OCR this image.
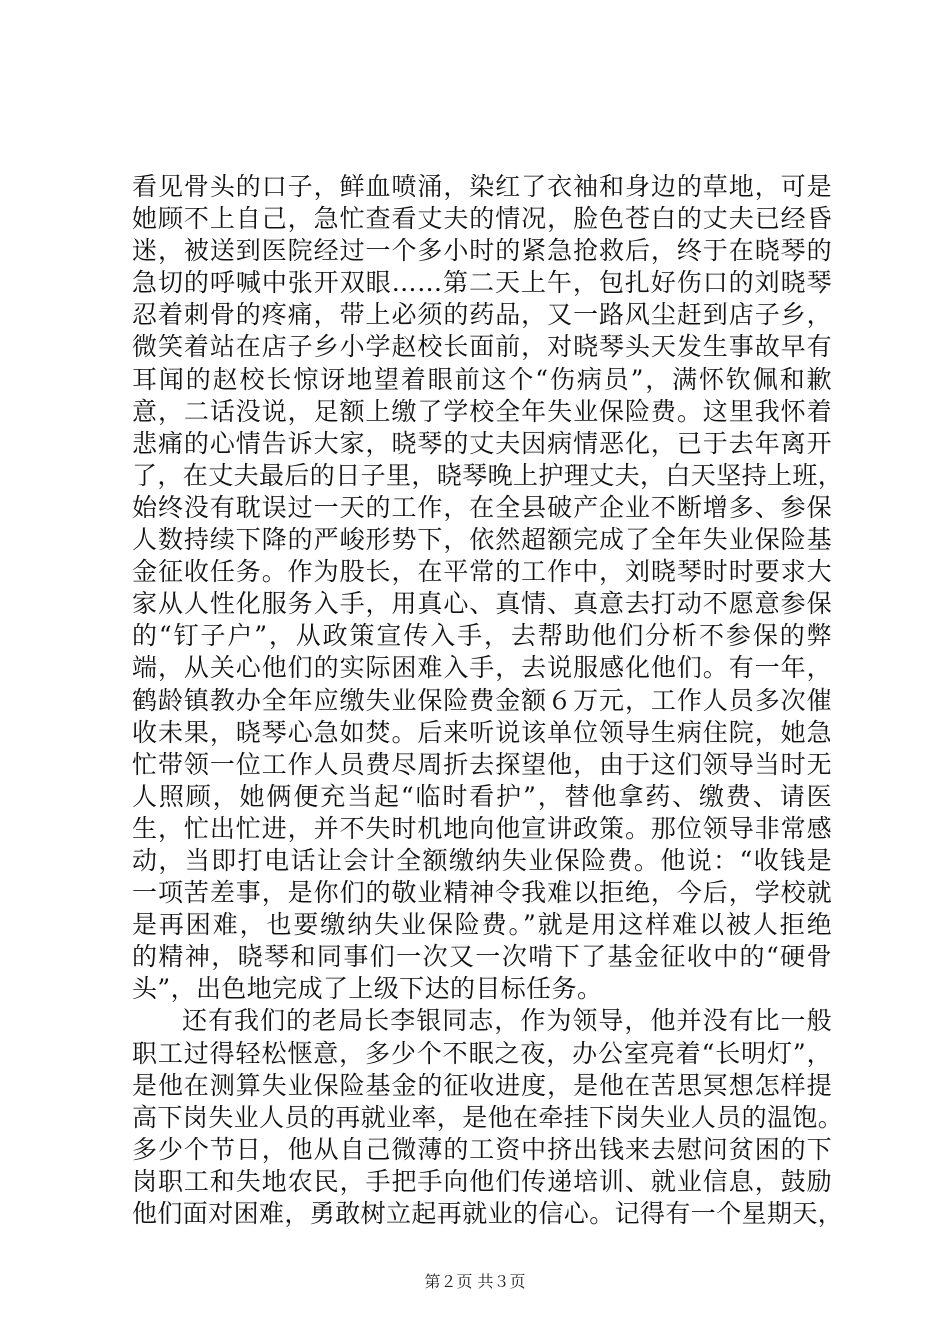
看见骨头的口子，鲜血喷涌，染红了衣袖和身边的草地，可是
她顾不上自己，急忙查看丈夫的情况，脸色苍白的丈夫已经昏
迷，被送到医院经过一个多小时的紧急抢救后，终于在晓琴的
急切的呼喊中张开双眼……第二天上午，包扎好伤口的刘晓琴
忍着刺骨的疼痛，带上必须的药品，又一路风尘赶到店子乡，
微笑着站在店子乡小学赵校长面前，对晓琴头天发生事故早有
耳闻的赵校长惊讶地望着眼前这个“伤病员”，满怀钦佩和歉
意，二话没说，足额上缴了学校全年失业保险费。这里我怀着
悲痛的心情告诉大家，晓琴的丈夫因病情恶化，已于去年离开
了，在丈夫最后的日子里，晓琴晚上护理丈夫，白天坚持上班，
始终没有耽误过一天的工作，在全县破产企业不断增多、参保
人数持续下降的严峻形势下，依然超额完成了全年失业保险基
金征收任务。作为股长，在平常的工作中，刘晓琴时时要求大
家从人性化服务入手，用真心、真情、真意去打动不愿意参保
的“钉子户”，从政策宣传入手，去帮助他们分析不参保的弊
端，从关心他们的实际困难入手，去说服感化他们。有一年，
鹤龄镇教办全年应缴失业保险费金额６万元，工作人员多次催
收未果，晓琴心急如焚。后来听说该单位领导生病住院，她急
忙带领一位工作人员费尽周折去探望他，由于这们领导当时无
人照顾，她俩便充当起“临时看护”，替他拿药、缴费、请医
生，忙出忙进，并不失时机地向他宣讲政策。那位领导非常感
动，当即打电话让会计全额缴纳失业保险费。他说：“收钱是
一项苦差事，是你们的敬业精神令我难以拒绝，今后，学校就
是再困难，也要缴纳失业保险费。”就是用这样难以被人拒绝
的精神，晓琴和同事们一次又一次啃下了基金征收中的“硬骨
头”，出色地完成了上级下达的目标任务。
还有我们的老局长李银同志，作为领导，他并没有比一般
职工过得轻松惬意，多少个不眠之夜，办公室亮着“长明灯”，
是他在测算失业保险基金的征收进度，是他在苦思冥想怎样提
高下岗失业人员的再就业率，是他在牵挂下岗失业人员的温饱。
多少个节日，他从自己微薄的工资中挤出钱来去慰问贫困的下
岗职工和失地农民，手把手向他们传递培训、就业信息，鼓励
他们面对困难，勇敢树立起再就业的信心。记得有一个星期天，
第２页 共３页
